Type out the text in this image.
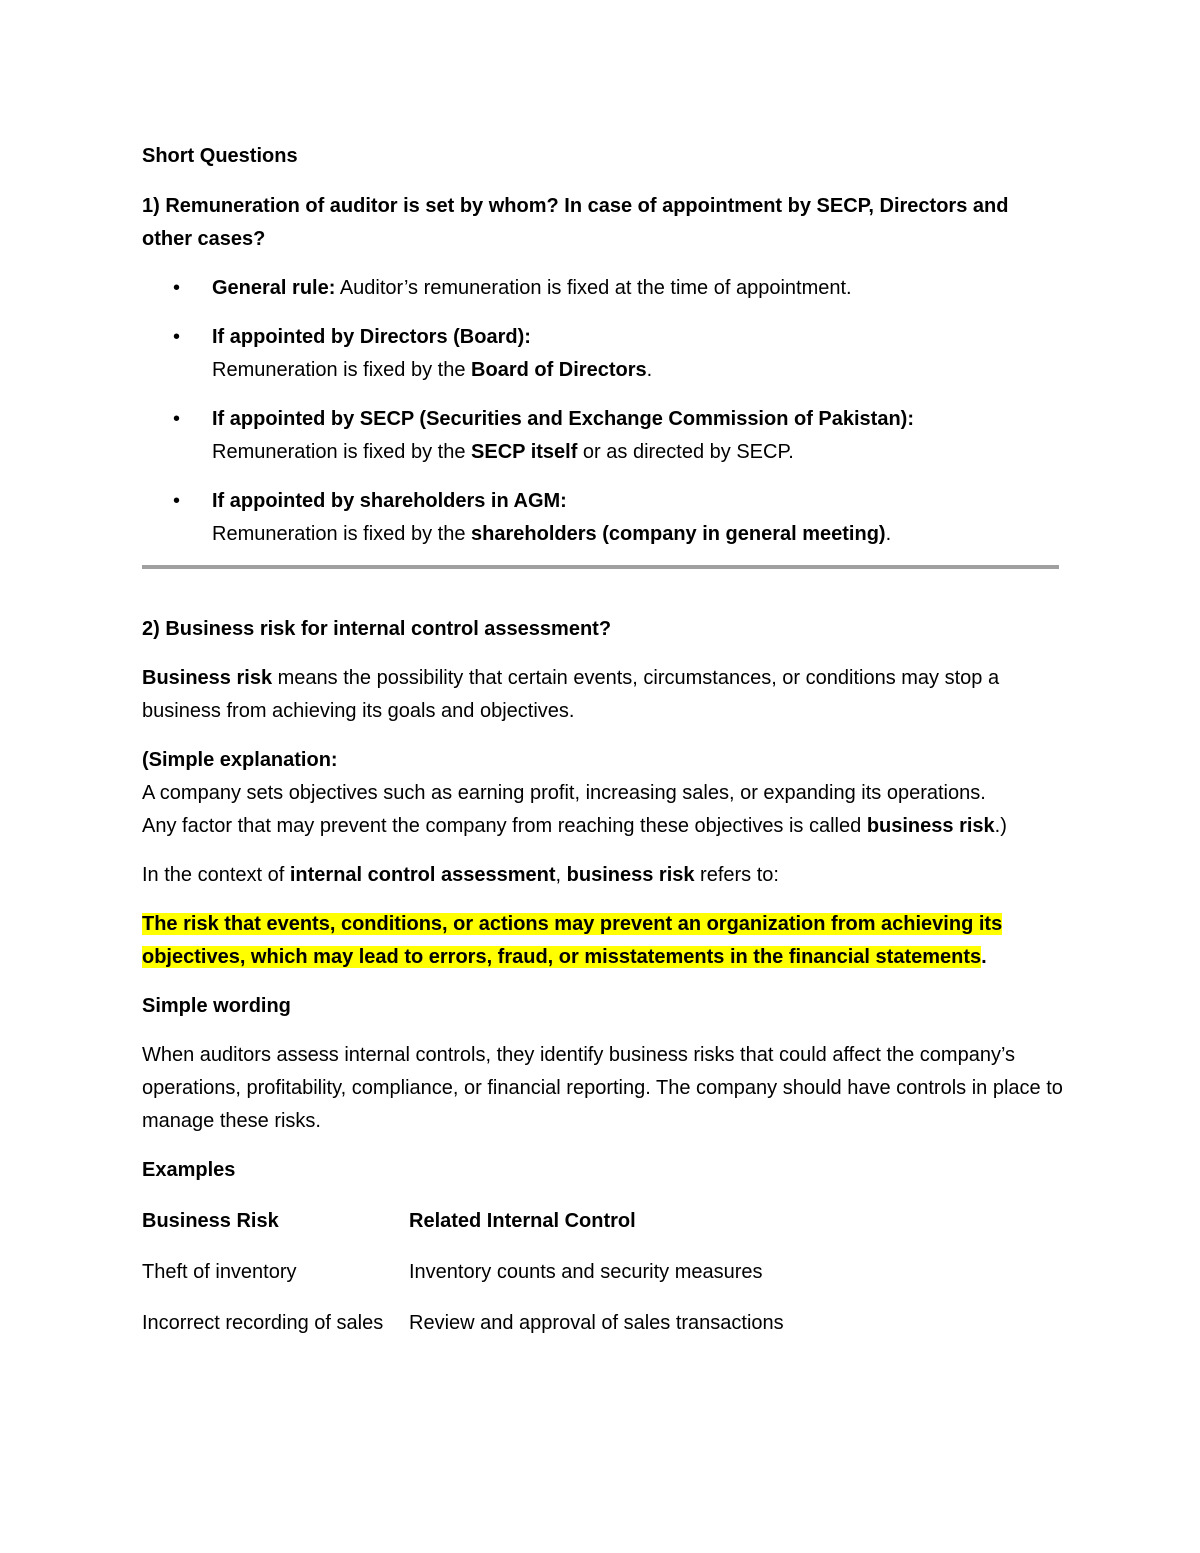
Short Questions

1) Remuneration of auditor is set by whom? In case of appointment by SECP, Directors and other cases?

• General rule: Auditor’s remuneration is fixed at the time of appointment.
• If appointed by Directors (Board):
Remuneration is fixed by the Board of Directors.
• If appointed by SECP (Securities and Exchange Commission of Pakistan):
Remuneration is fixed by the SECP itself or as directed by SECP.
• If appointed by shareholders in AGM:
Remuneration is fixed by the shareholders (company in general meeting).

2) Business risk for internal control assessment?

Business risk means the possibility that certain events, circumstances, or conditions may stop a business from achieving its goals and objectives.

(Simple explanation:
A company sets objectives such as earning profit, increasing sales, or expanding its operations.
Any factor that may prevent the company from reaching these objectives is called business risk.)

In the context of internal control assessment, business risk refers to:

The risk that events, conditions, or actions may prevent an organization from achieving its objectives, which may lead to errors, fraud, or misstatements in the financial statements.

Simple wording

When auditors assess internal controls, they identify business risks that could affect the company’s operations, profitability, compliance, or financial reporting. The company should have controls in place to manage these risks.

Examples

Business Risk	Related Internal Control
Theft of inventory	Inventory counts and security measures
Incorrect recording of sales	Review and approval of sales transactions
